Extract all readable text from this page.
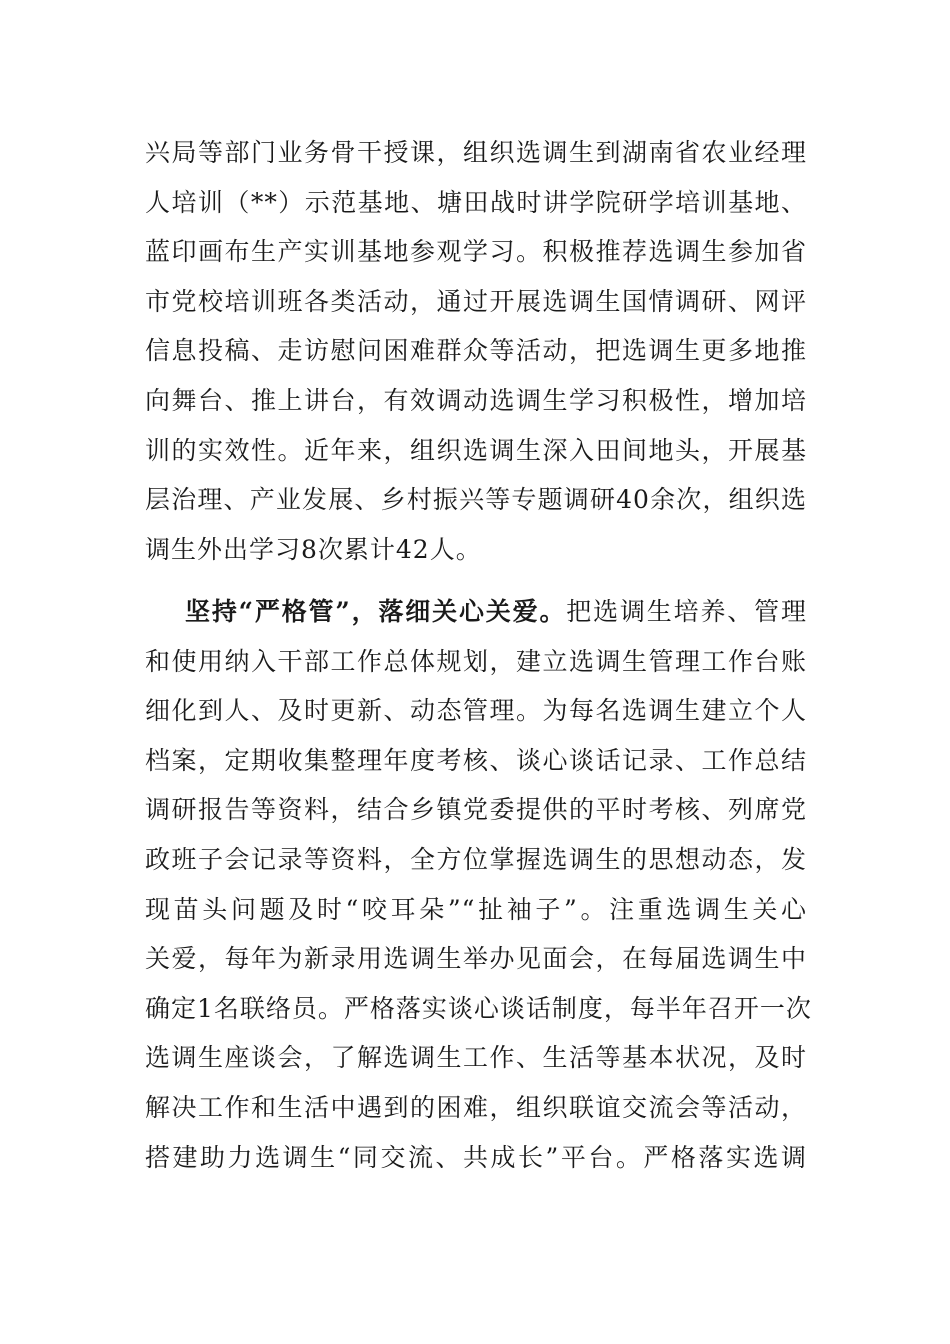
兴局等部门业务骨干授课，组织选调生到湖南省农业经理
人培训（**）示范基地、塘田战时讲学院研学培训基地、
蓝印画布生产实训基地参观学习。积极推荐选调生参加省
市党校培训班各类活动，通过开展选调生国情调研、网评
信息投稿、走访慰问困难群众等活动，把选调生更多地推
向舞台、推上讲台，有效调动选调生学习积极性，增加培
训的实效性。近年来，组织选调生深入田间地头，开展基
层治理、产业发展、乡村振兴等专题调研40余次，组织选
调生外出学习8次累计42人。
坚持“严格管”，落细关心关爱。把选调生培养、管理
和使用纳入干部工作总体规划，建立选调生管理工作台账
细化到人、及时更新、动态管理。为每名选调生建立个人
档案，定期收集整理年度考核、谈心谈话记录、工作总结
调研报告等资料，结合乡镇党委提供的平时考核、列席党
政班子会记录等资料，全方位掌握选调生的思想动态，发
现苗头问题及时“咬耳朵”“扯袖子”。注重选调生关心
关爱，每年为新录用选调生举办见面会，在每届选调生中
确定1名联络员。严格落实谈心谈话制度，每半年召开一次
选调生座谈会，了解选调生工作、生活等基本状况，及时
解决工作和生活中遇到的困难，组织联谊交流会等活动，
搭建助力选调生“同交流、共成长”平台。严格落实选调
